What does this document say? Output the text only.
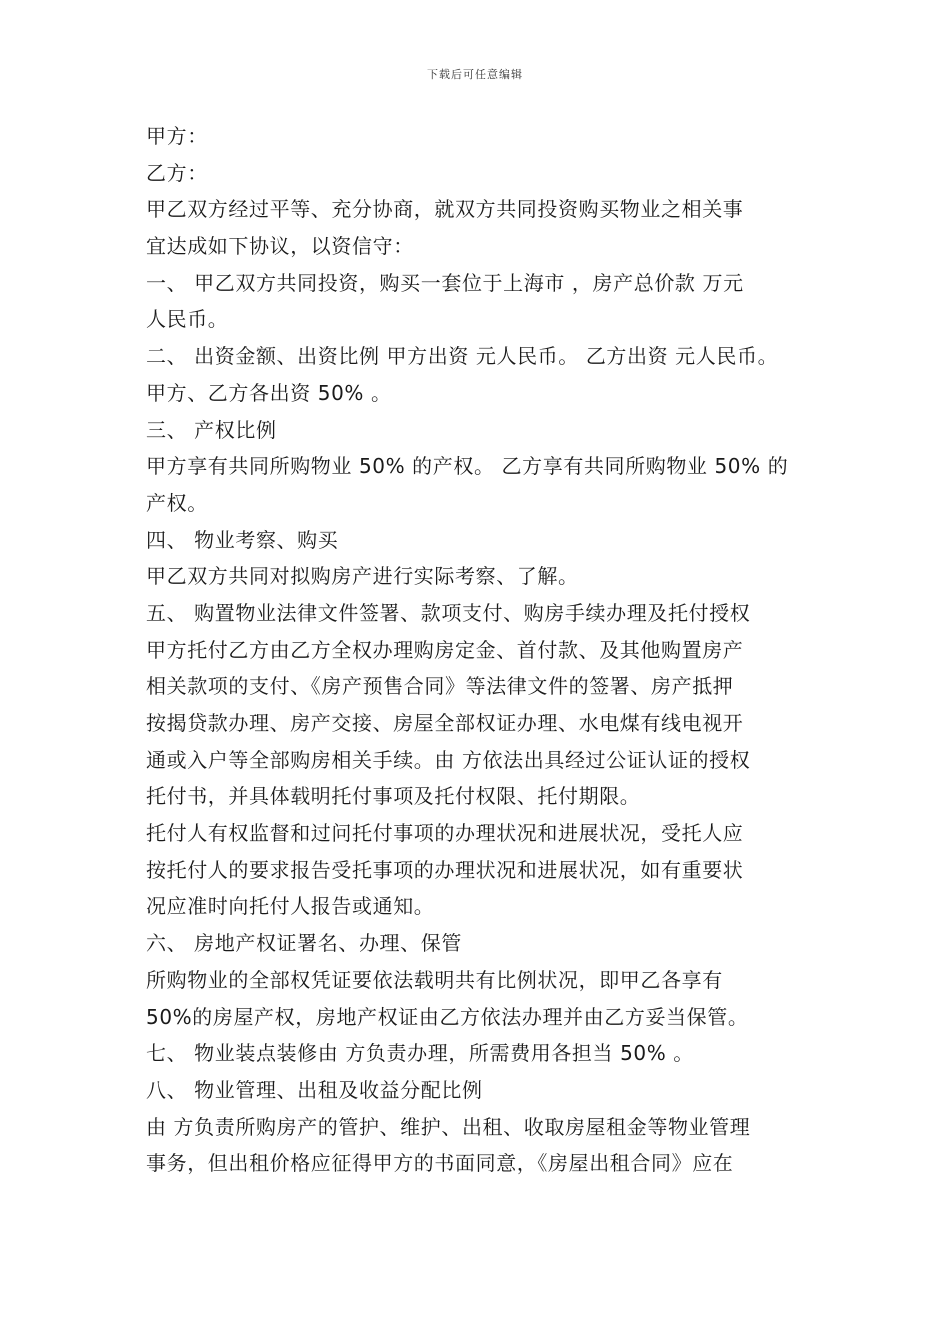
下载后可任意编辑
甲方：
乙方：
甲乙双方经过平等、充分协商，就双方共同投资购买物业之相关事
宜达成如下协议，以资信守：
一、 甲乙双方共同投资，购买一套位于上海市 ，房产总价款 万元
人民币。
二、 出资金额、出资比例 甲方出资 元人民币。 乙方出资 元人民币。
甲方、乙方各出资 50% 。
三、 产权比例
甲方享有共同所购物业 50% 的产权。 乙方享有共同所购物业 50% 的
产权。
四、 物业考察、购买
甲乙双方共同对拟购房产进行实际考察、了解。
五、 购置物业法律文件签署、款项支付、购房手续办理及托付授权
甲方托付乙方由乙方全权办理购房定金、首付款、及其他购置房产
相关款项的支付、《房产预售合同》等法律文件的签署、房产抵押
按揭贷款办理、房产交接、房屋全部权证办理、水电煤有线电视开
通或入户等全部购房相关手续。由 方依法出具经过公证认证的授权
托付书，并具体载明托付事项及托付权限、托付期限。
托付人有权监督和过问托付事项的办理状况和进展状况，受托人应
按托付人的要求报告受托事项的办理状况和进展状况，如有重要状
况应准时向托付人报告或通知。
六、 房地产权证署名、办理、保管
所购物业的全部权凭证要依法载明共有比例状况，即甲乙各享有
50%的房屋产权，房地产权证由乙方依法办理并由乙方妥当保管。
七、 物业装点装修由 方负责办理，所需费用各担当 50% 。
八、 物业管理、出租及收益分配比例
由 方负责所购房产的管护、维护、出租、收取房屋租金等物业管理
事务，但出租价格应征得甲方的书面同意，《房屋出租合同》应在
